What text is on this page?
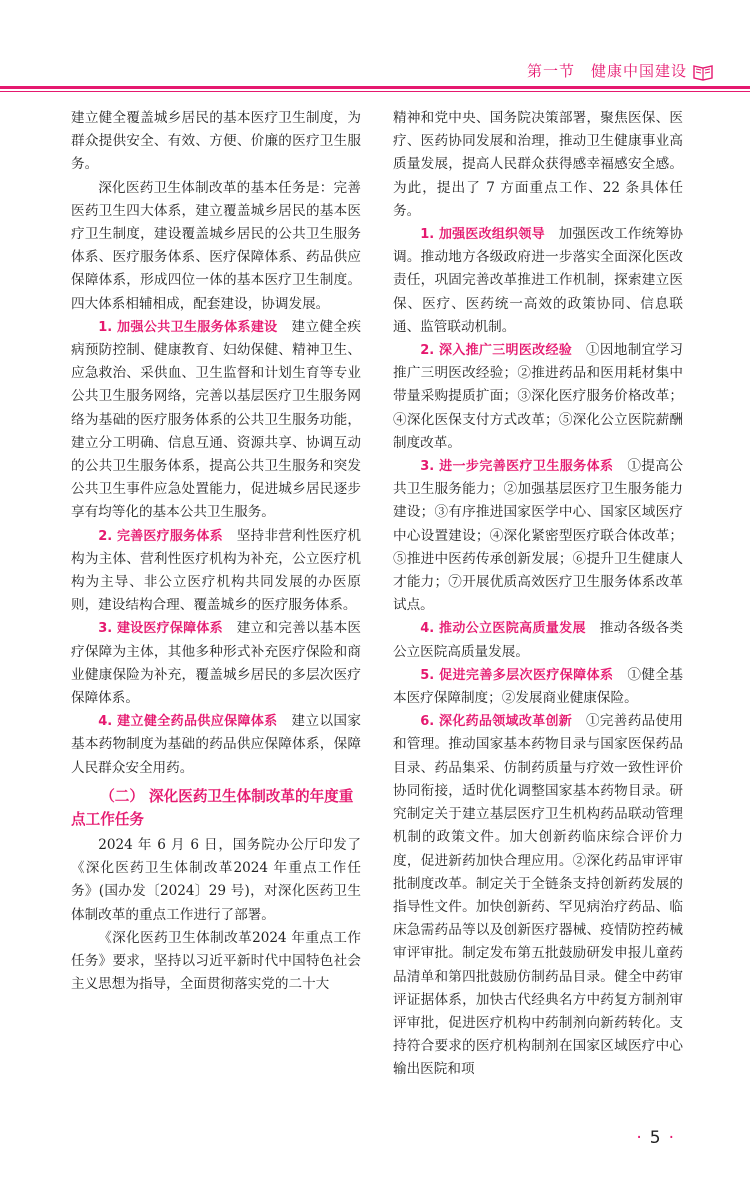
第一节　健康中国建设

建立健全覆盖城乡居民的基本医疗卫生制度，为群众提供安全、有效、方便、价廉的医疗卫生服务。

深化医药卫生体制改革的基本任务是：完善医药卫生四大体系，建立覆盖城乡居民的基本医疗卫生制度，建设覆盖城乡居民的公共卫生服务体系、医疗服务体系、医疗保障体系、药品供应保障体系，形成四位一体的基本医疗卫生制度。四大体系相辅相成，配套建设，协调发展。

1. 加强公共卫生服务体系建设　建立健全疾病预防控制、健康教育、妇幼保健、精神卫生、应急救治、采供血、卫生监督和计划生育等专业公共卫生服务网络，完善以基层医疗卫生服务网络为基础的医疗服务体系的公共卫生服务功能，建立分工明确、信息互通、资源共享、协调互动的公共卫生服务体系，提高公共卫生服务和突发公共卫生事件应急处置能力，促进城乡居民逐步享有均等化的基本公共卫生服务。

2. 完善医疗服务体系　坚持非营利性医疗机构为主体、营利性医疗机构为补充，公立医疗机构为主导、非公立医疗机构共同发展的办医原则，建设结构合理、覆盖城乡的医疗服务体系。

3. 建设医疗保障体系　建立和完善以基本医疗保障为主体，其他多种形式补充医疗保险和商业健康保险为补充，覆盖城乡居民的多层次医疗保障体系。

4. 建立健全药品供应保障体系　建立以国家基本药物制度为基础的药品供应保障体系，保障人民群众安全用药。

（二） 深化医药卫生体制改革的年度重点工作任务

2024 年 6 月 6 日，国务院办公厅印发了《深化医药卫生体制改革2024 年重点工作任务》(国办发〔2024〕29 号)，对深化医药卫生体制改革的重点工作进行了部署。

《深化医药卫生体制改革2024 年重点工作任务》要求，坚持以习近平新时代中国特色社会主义思想为指导，全面贯彻落实党的二十大

精神和党中央、国务院决策部署，聚焦医保、医疗、医药协同发展和治理，推动卫生健康事业高质量发展，提高人民群众获得感幸福感安全感。为此，提出了 7 方面重点工作、22 条具体任务。

1. 加强医改组织领导　加强医改工作统筹协调。推动地方各级政府进一步落实全面深化医改责任，巩固完善改革推进工作机制，探索建立医保、医疗、医药统一高效的政策协同、信息联通、监管联动机制。

2. 深入推广三明医改经验　①因地制宜学习推广三明医改经验；②推进药品和医用耗材集中带量采购提质扩面；③深化医疗服务价格改革；④深化医保支付方式改革；⑤深化公立医院薪酬制度改革。

3. 进一步完善医疗卫生服务体系　①提高公共卫生服务能力；②加强基层医疗卫生服务能力建设；③有序推进国家医学中心、国家区域医疗中心设置建设；④深化紧密型医疗联合体改革；⑤推进中医药传承创新发展；⑥提升卫生健康人才能力；⑦开展优质高效医疗卫生服务体系改革试点。

4. 推动公立医院高质量发展　推动各级各类公立医院高质量发展。

5. 促进完善多层次医疗保障体系　①健全基本医疗保障制度；②发展商业健康保险。

6. 深化药品领域改革创新　①完善药品使用和管理。推动国家基本药物目录与国家医保药品目录、药品集采、仿制药质量与疗效一致性评价协同衔接，适时优化调整国家基本药物目录。研究制定关于建立基层医疗卫生机构药品联动管理机制的政策文件。加大创新药临床综合评价力度，促进新药加快合理应用。②深化药品审评审批制度改革。制定关于全链条支持创新药发展的指导性文件。加快创新药、罕见病治疗药品、临床急需药品等以及创新医疗器械、疫情防控药械审评审批。制定发布第五批鼓励研发申报儿童药品清单和第四批鼓励仿制药品目录。健全中药审评证据体系，加快古代经典名方中药复方制剂审评审批，促进医疗机构中药制剂向新药转化。支持符合要求的医疗机构制剂在国家区域医疗中心输出医院和项

· 5 ·
